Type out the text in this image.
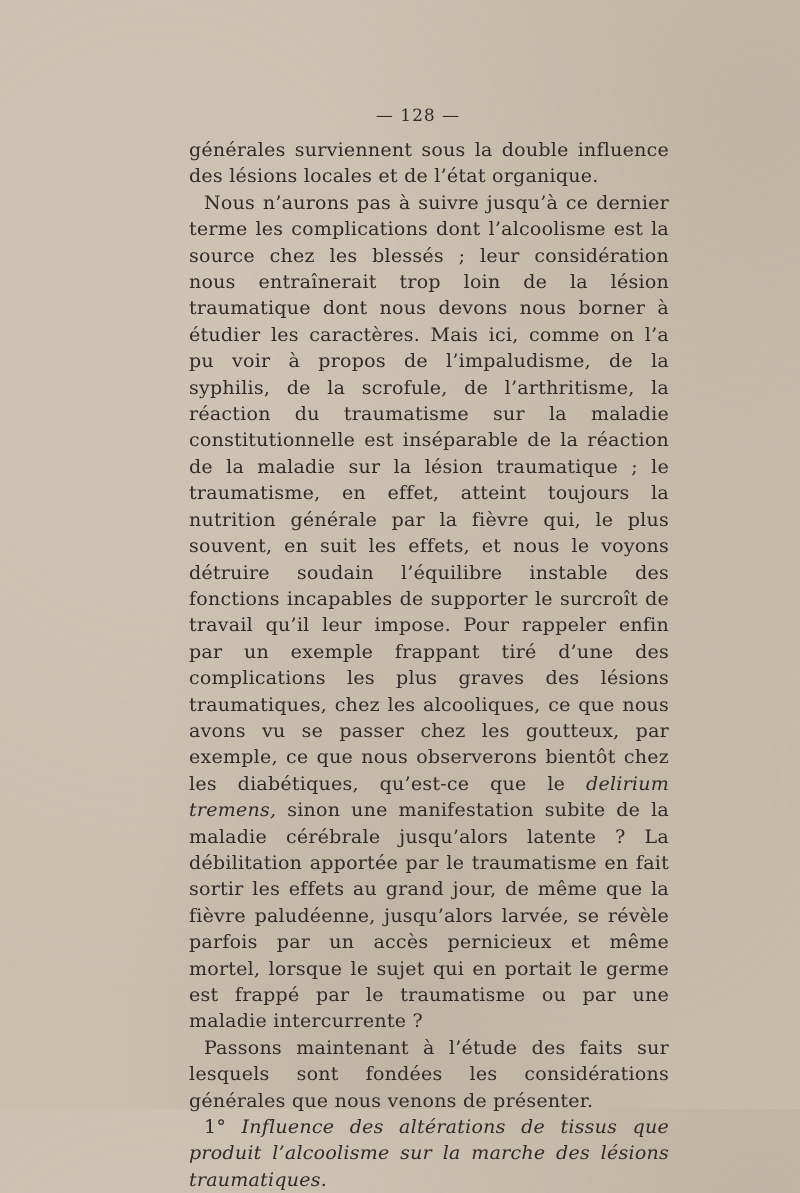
— 128 —

générales surviennent sous la double influence des lésions locales et de l’état organique.

Nous n’aurons pas à suivre jusqu’à ce dernier terme les complications dont l’alcoolisme est la source chez les blessés ; leur considération nous entraînerait trop loin de la lésion traumatique dont nous devons nous borner à étudier les caractères. Mais ici, comme on l’a pu voir à propos de l’impaludisme, de la syphilis, de la scrofule, de l’arthritisme, la réaction du traumatisme sur la maladie constitutionnelle est inséparable de la réaction de la maladie sur la lésion traumatique ; le traumatisme, en effet, atteint toujours la nutrition générale par la fièvre qui, le plus souvent, en suit les effets, et nous le voyons détruire soudain l’équilibre instable des fonctions incapables de supporter le surcroît de travail qu’il leur impose. Pour rappeler enfin par un exemple frappant tiré d’une des complications les plus graves des lésions traumatiques, chez les alcooliques, ce que nous avons vu se passer chez les goutteux, par exemple, ce que nous observerons bientôt chez les diabétiques, qu’est-ce que le delirium tremens, sinon une manifestation subite de la maladie cérébrale jusqu’alors latente ? La débilitation apportée par le traumatisme en fait sortir les effets au grand jour, de même que la fièvre paludéenne, jusqu’alors larvée, se révèle parfois par un accès pernicieux et même mortel, lorsque le sujet qui en portait le germe est frappé par le traumatisme ou par une maladie intercurrente ?

Passons maintenant à l’étude des faits sur lesquels sont fondées les considérations générales que nous venons de présenter.

1° Influence des altérations de tissus que produit l’alcoolisme sur la marche des lésions traumatiques.
